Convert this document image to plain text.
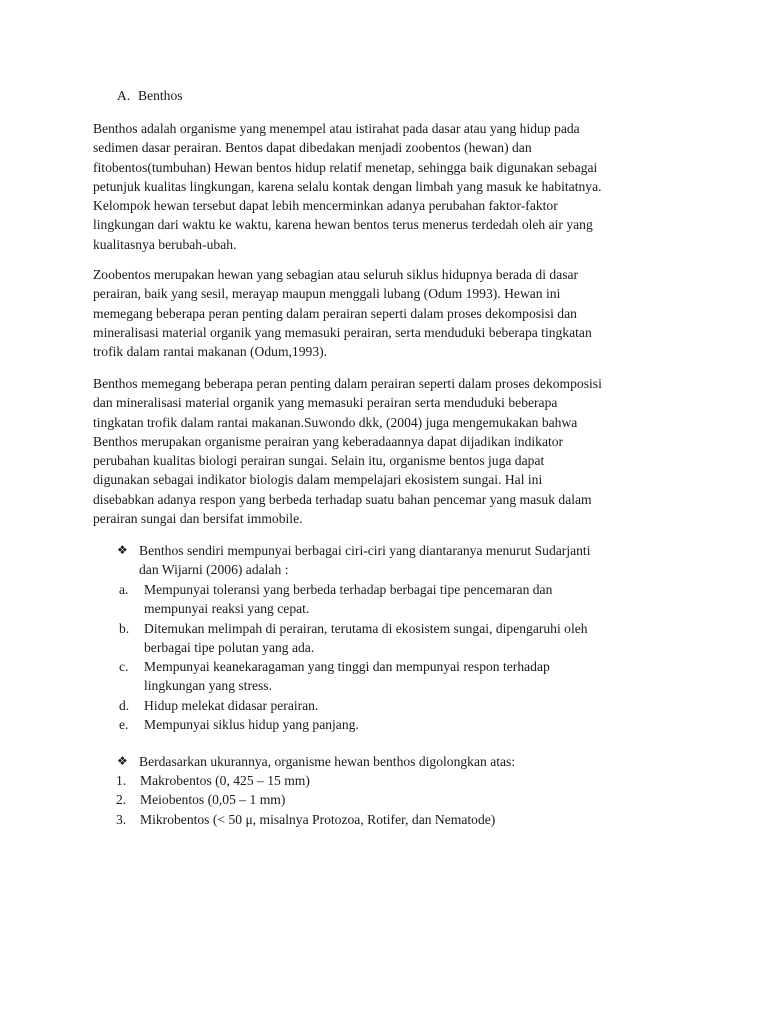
A. Benthos

Benthos adalah organisme yang menempel atau istirahat pada dasar atau yang hidup pada
sedimen dasar perairan. Bentos dapat dibedakan menjadi zoobentos (hewan) dan
fitobentos(tumbuhan) Hewan bentos hidup relatif menetap, sehingga baik digunakan sebagai
petunjuk kualitas lingkungan, karena selalu kontak dengan limbah yang masuk ke habitatnya.
Kelompok hewan tersebut dapat lebih mencerminkan adanya perubahan faktor-faktor
lingkungan dari waktu ke waktu, karena hewan bentos terus menerus terdedah oleh air yang
kualitasnya berubah-ubah.

Zoobentos merupakan hewan yang sebagian atau seluruh siklus hidupnya berada di dasar
perairan, baik yang sesil, merayap maupun menggali lubang (Odum 1993). Hewan ini
memegang beberapa peran penting dalam perairan seperti dalam proses dekomposisi dan
mineralisasi material organik yang memasuki perairan, serta menduduki beberapa tingkatan
trofik dalam rantai makanan (Odum,1993).

Benthos memegang beberapa peran penting dalam perairan seperti dalam proses dekomposisi
dan mineralisasi material organik yang memasuki perairan serta menduduki beberapa
tingkatan trofik dalam rantai makanan.Suwondo dkk, (2004) juga mengemukakan bahwa
Benthos merupakan organisme perairan yang keberadaannya dapat dijadikan indikator
perubahan kualitas biologi perairan sungai. Selain itu, organisme bentos juga dapat
digunakan sebagai indikator biologis dalam mempelajari ekosistem sungai. Hal ini
disebabkan adanya respon yang berbeda terhadap suatu bahan pencemar yang masuk dalam
perairan sungai dan bersifat immobile.

❖ Benthos sendiri mempunyai berbagai ciri-ciri yang diantaranya menurut Sudarjanti
dan Wijarni (2006) adalah :
a. Mempunyai toleransi yang berbeda terhadap berbagai tipe pencemaran dan
mempunyai reaksi yang cepat.
b. Ditemukan melimpah di perairan, terutama di ekosistem sungai, dipengaruhi oleh
berbagai tipe polutan yang ada.
c. Mempunyai keanekaragaman yang tinggi dan mempunyai respon terhadap
lingkungan yang stress.
d. Hidup melekat didasar perairan.
e. Mempunyai siklus hidup yang panjang.
❖ Berdasarkan ukurannya, organisme hewan benthos digolongkan atas:
1. Makrobentos (0, 425 – 15 mm)
2. Meiobentos (0,05 – 1 mm)
3. Mikrobentos (< 50 μ, misalnya Protozoa, Rotifer, dan Nematode)
